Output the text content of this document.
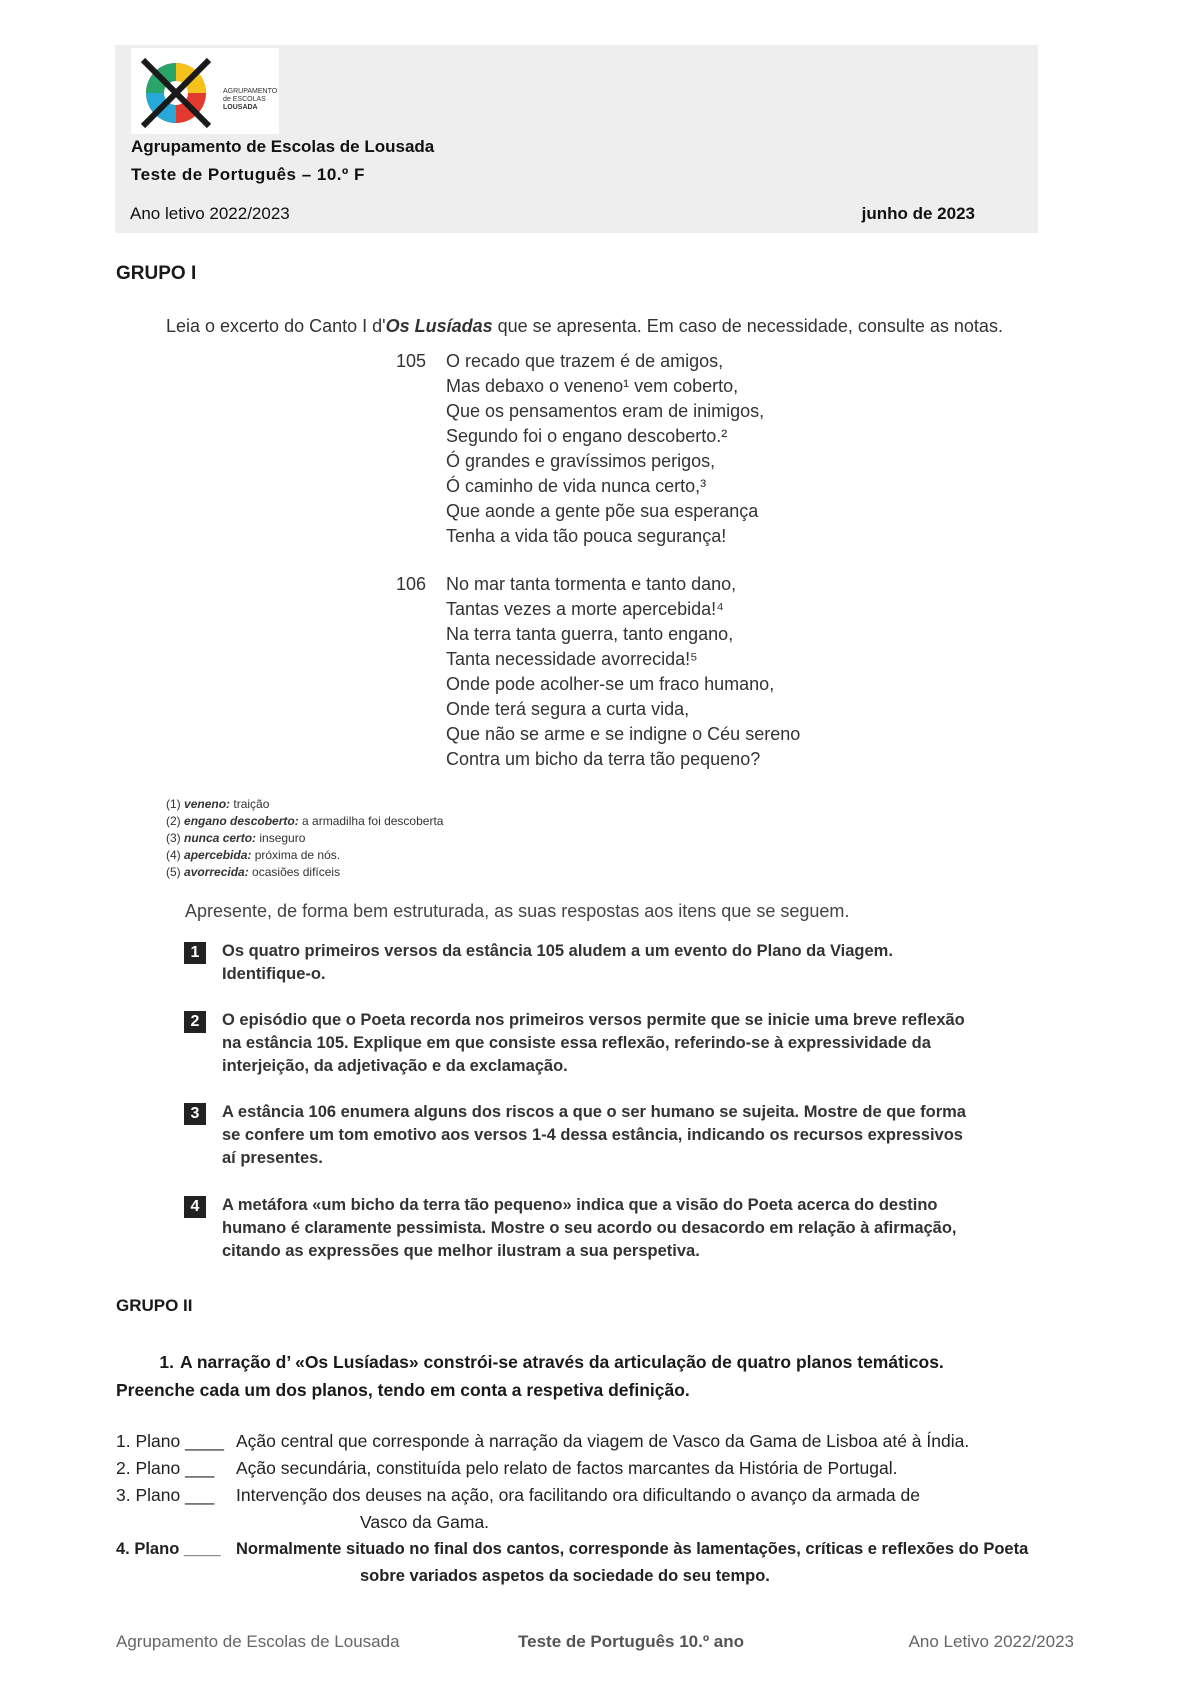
AGRUPAMENTO
de ESCOLAS
LOUSADA
Agrupamento de Escolas de Lousada
Teste de Português – 10.º F
Ano letivo 2022/2023	junho de 2023
GRUPO I
Leia o excerto do Canto I d'Os Lusíadas que se apresenta. Em caso de necessidade, consulte as notas.
105 O recado que trazem é de amigos,
Mas debaxo o veneno¹ vem coberto,
Que os pensamentos eram de inimigos,
Segundo foi o engano descoberto.²
Ó grandes e gravíssimos perigos,
Ó caminho de vida nunca certo,³
Que aonde a gente põe sua esperança
Tenha a vida tão pouca segurança!
106 No mar tanta tormenta e tanto dano,
Tantas vezes a morte apercebida!⁴
Na terra tanta guerra, tanto engano,
Tanta necessidade avorrecida!⁵
Onde pode acolher-se um fraco humano,
Onde terá segura a curta vida,
Que não se arme e se indigne o Céu sereno
Contra um bicho da terra tão pequeno?
(1) veneno: traição
(2) engano descoberto: a armadilha foi descoberta
(3) nunca certo: inseguro
(4) apercebida: próxima de nós.
(5) avorrecida: ocasiões difíceis
Apresente, de forma bem estruturada, as suas respostas aos itens que se seguem.
1	Os quatro primeiros versos da estância 105 aludem a um evento do Plano da Viagem.
Identifique-o.
2	O episódio que o Poeta recorda nos primeiros versos permite que se inicie uma breve reflexão
na estância 105. Explique em que consiste essa reflexão, referindo-se à expressividade da
interjeição, da adjetivação e da exclamação.
3	A estância 106 enumera alguns dos riscos a que o ser humano se sujeita. Mostre de que forma
se confere um tom emotivo aos versos 1-4 dessa estância, indicando os recursos expressivos
aí presentes.
4	A metáfora «um bicho da terra tão pequeno» indica que a visão do Poeta acerca do destino
humano é claramente pessimista. Mostre o seu acordo ou desacordo em relação à afirmação,
citando as expressões que melhor ilustram a sua perspetiva.
GRUPO II
1. A narração d’ «Os Lusíadas» constrói-se através da articulação de quatro planos temáticos.
Preenche cada um dos planos, tendo em conta a respetiva definição.
1. Plano ____ Ação central que corresponde à narração da viagem de Vasco da Gama de Lisboa até à Índia.
2. Plano ___ Ação secundária, constituída pelo relato de factos marcantes da História de Portugal.
3. Plano ___ Intervenção dos deuses na ação, ora facilitando ora dificultando o avanço da armada de
Vasco da Gama.
4. Plano ____ Normalmente situado no final dos cantos, corresponde às lamentações, críticas e reflexões do Poeta
sobre variados aspetos da sociedade do seu tempo.
Agrupamento de Escolas de Lousada	Teste de Português 10.º ano	Ano Letivo 2022/2023
